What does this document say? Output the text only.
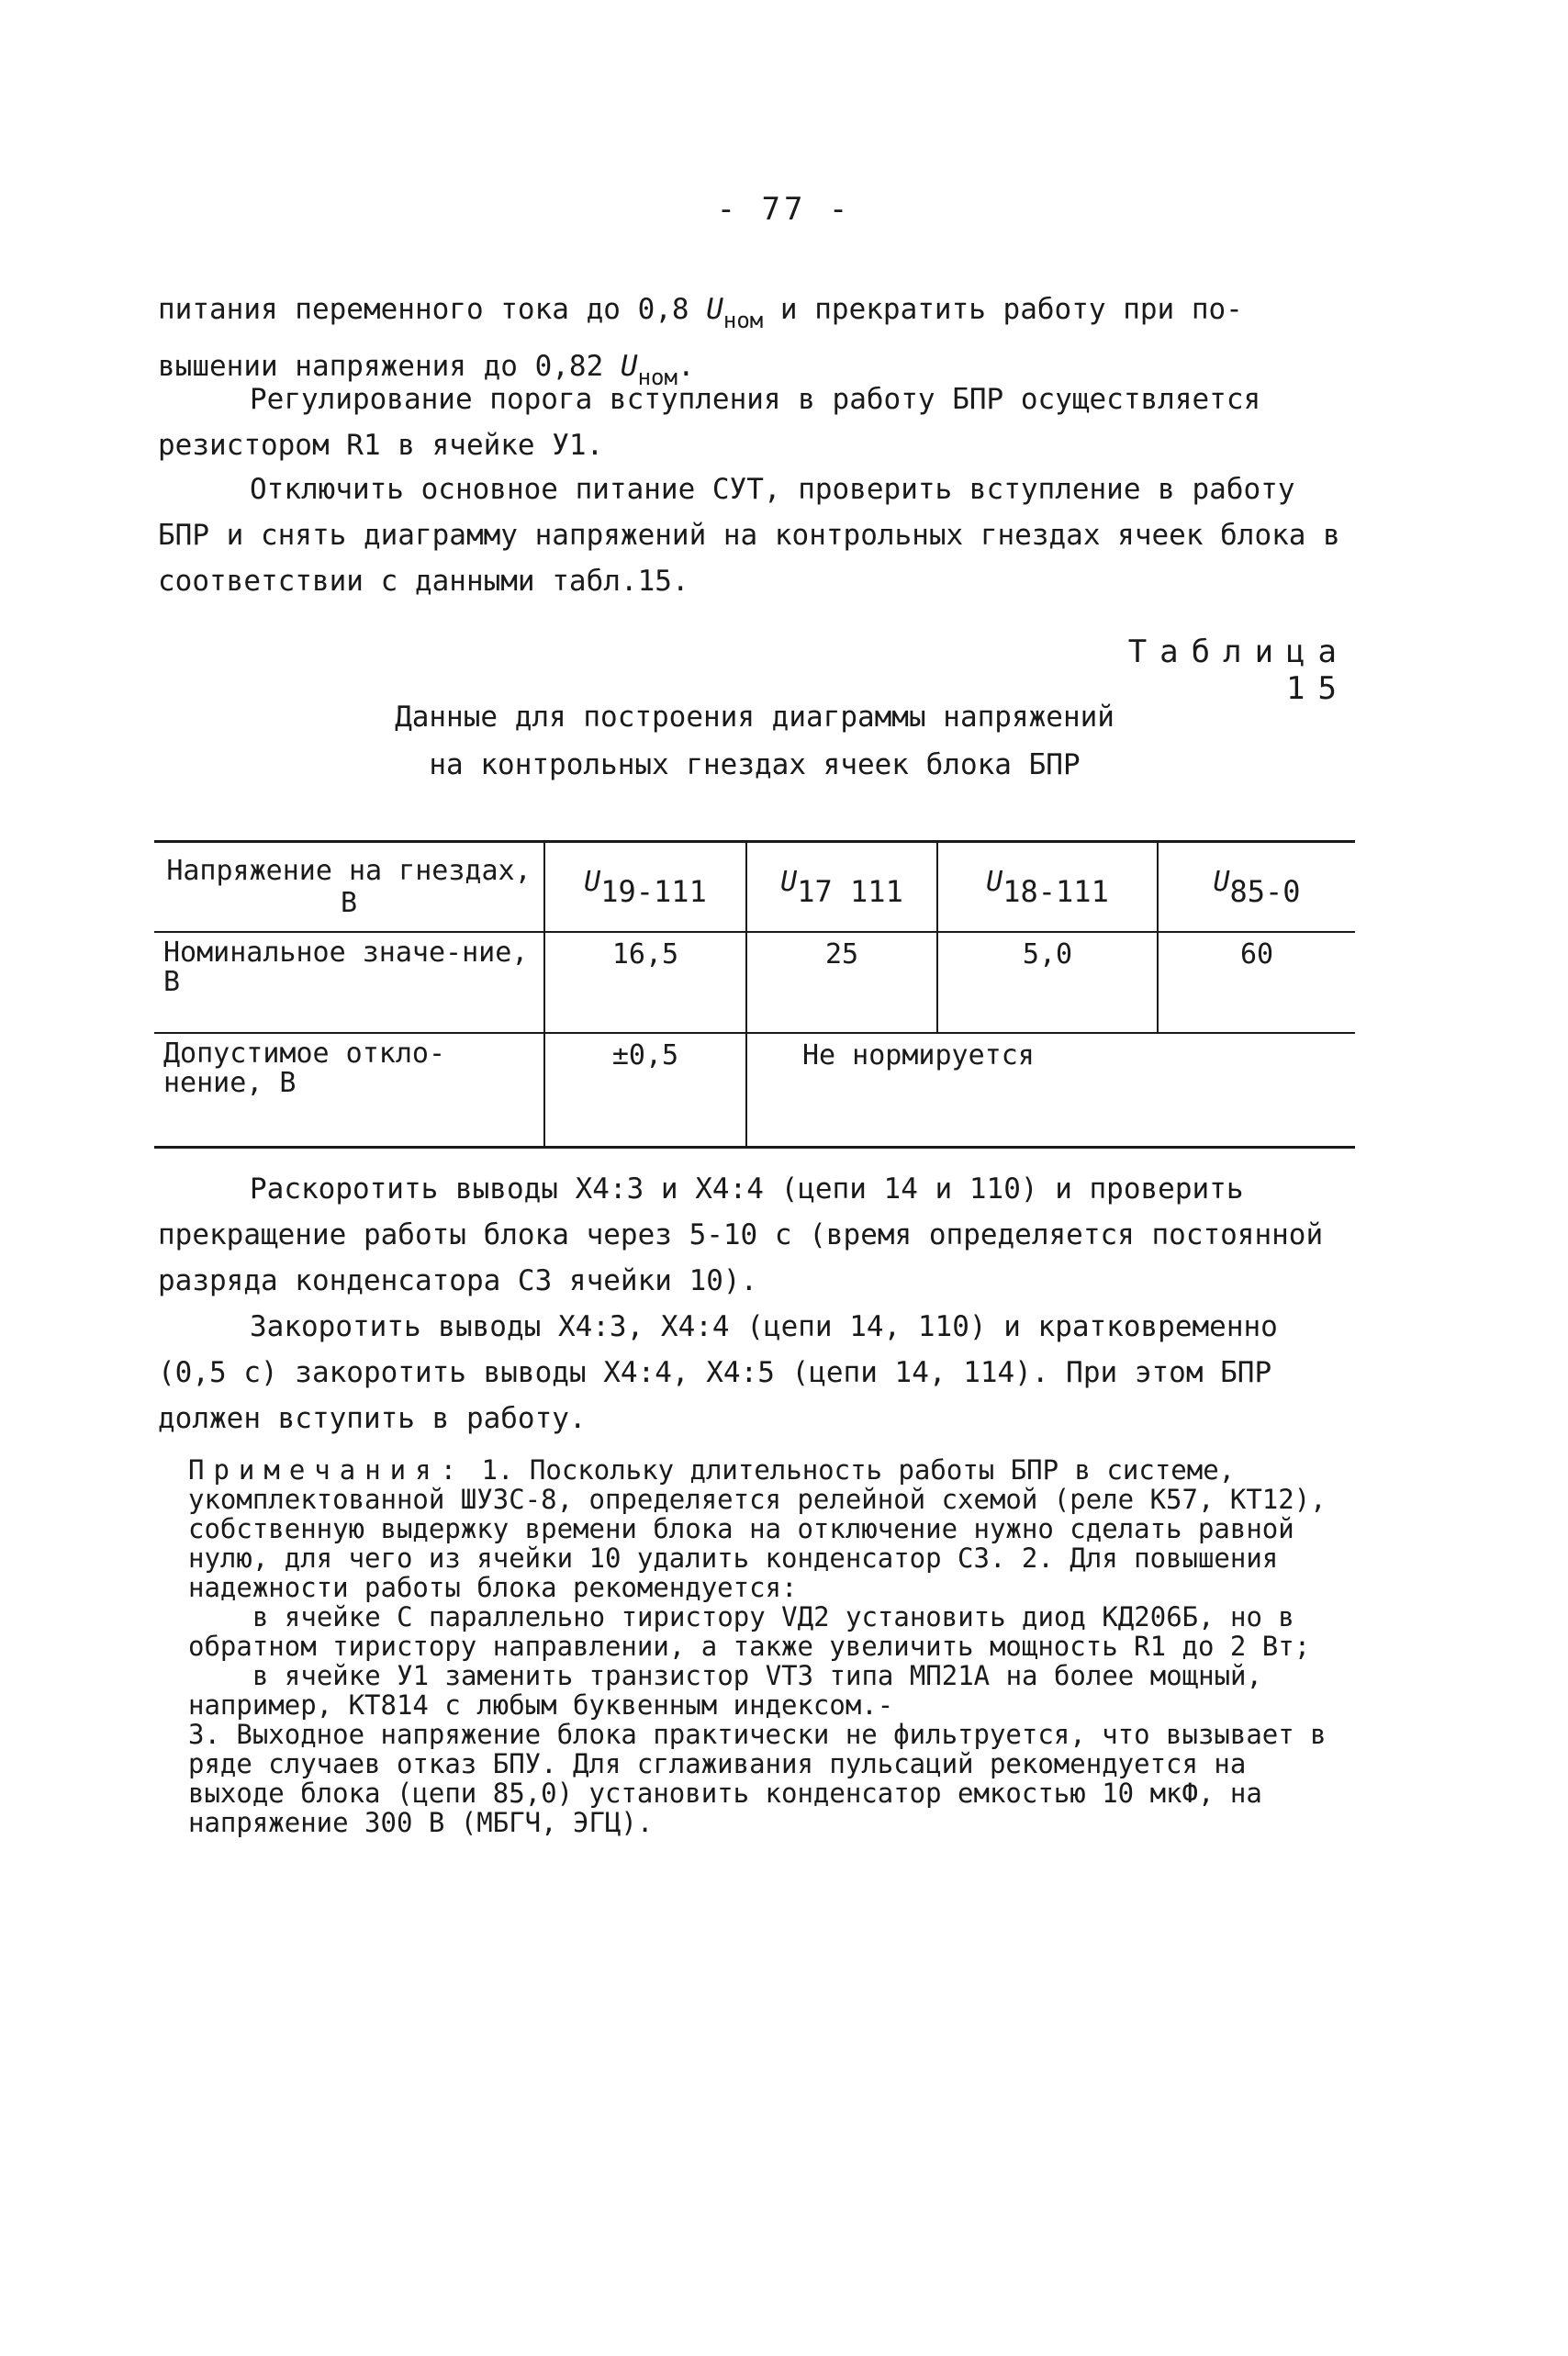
- 77 -

питания переменного тока до 0,8 $U_{ном}$ и прекратить работу при по-вышении напряжения до 0,82 $U_{ном}$.

Регулирование порога вступления в работу БПР осуществляется резистором R1 в ячейке У1.

Отключить основное питание СУТ, проверить вступление в работу БПР и снять диаграмму напряжений на контрольных гнездах ячеек блока в соответствии с данными табл.15.

Таблица 15
Данные для построения диаграммы напряжений
на контрольных гнездах ячеек блока БПР
Напряжение на гнездах, В	$U_{19-111}$	$U_{17 111}$	$U_{18-111}$	$U_{85-0}$
Номинальное значе-ние, В	16,5	25	5,0	60
Допустимое откло-нение, В	±0,5	Не нормируется		

Раскоротить выводы X4:3 и X4:4 (цепи 14 и 110) и проверить прекращение работы блока через 5-10 с (время определяется постоянной разряда конденсатора С3 ячейки 10).

Закоротить выводы X4:3, X4:4 (цепи 14, 110) и кратковременно (0,5 с) закоротить выводы X4:4, X4:5 (цепи 14, 114). При этом БПР должен вступить в работу.

Примечания: 1. Поскольку длительность работы БПР в системе, укомплектованной ШУЗС-8, определяется релейной схемой (реле К57, КТ12), собственную выдержку времени блока на отключение нужно сделать равной нулю, для чего из ячейки 10 удалить конденсатор С3. 2. Для повышения надежности работы блока рекомендуется:

в ячейке С параллельно тиристору VД2 установить диод КД206Б, но в обратном тиристору направлении, а также увеличить мощность R1 до 2 Вт;

в ячейке У1 заменить транзистор VТ3 типа МП21А на более мощный, например, КТ814 с любым буквенным индексом.-

3. Выходное напряжение блока практически не фильтруется, что вызывает в ряде случаев отказ БПУ. Для сглаживания пульсаций рекомендуется на выходе блока (цепи 85,0) установить конденсатор емкостью 10 мкФ, на напряжение 300 В (МБГЧ, ЭГЦ).
